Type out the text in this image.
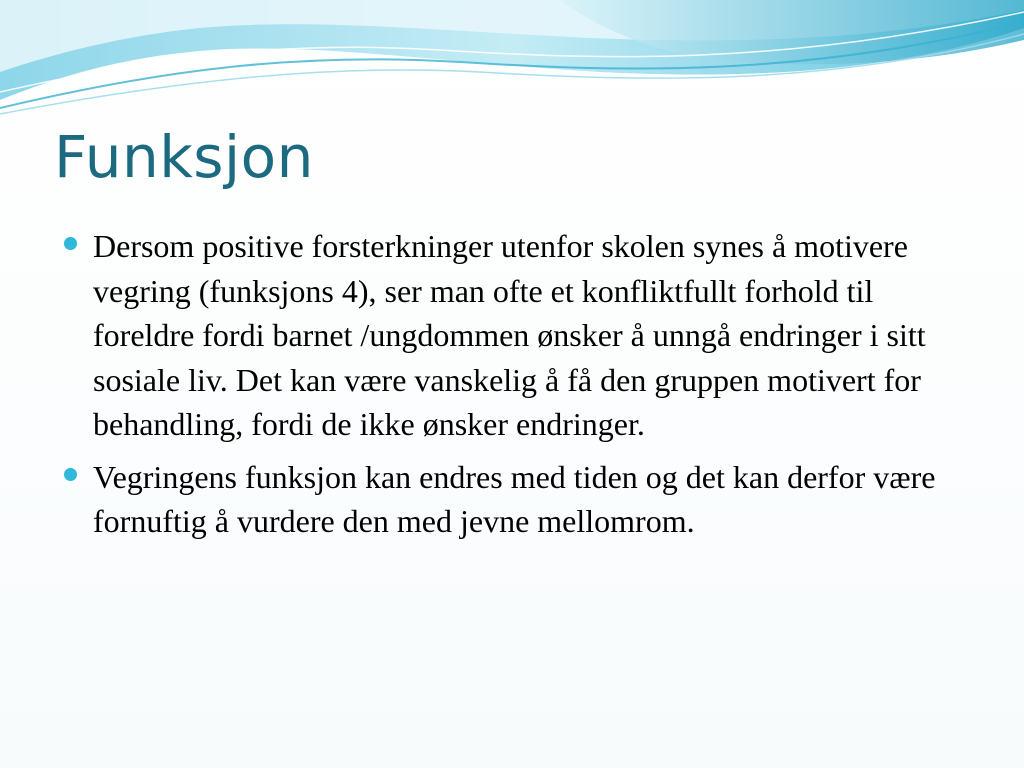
Funksjon
Dersom positive forsterkninger utenfor skolen synes å motivere vegring (funksjons 4), ser man ofte et konfliktfullt forhold til foreldre fordi barnet /ungdommen ønsker å unngå endringer i sitt sosiale liv. Det kan være vanskelig å få den gruppen motivert for behandling, fordi de ikke ønsker endringer.
Vegringens funksjon kan endres med tiden og det kan derfor være fornuftig å vurdere den med jevne mellomrom.
